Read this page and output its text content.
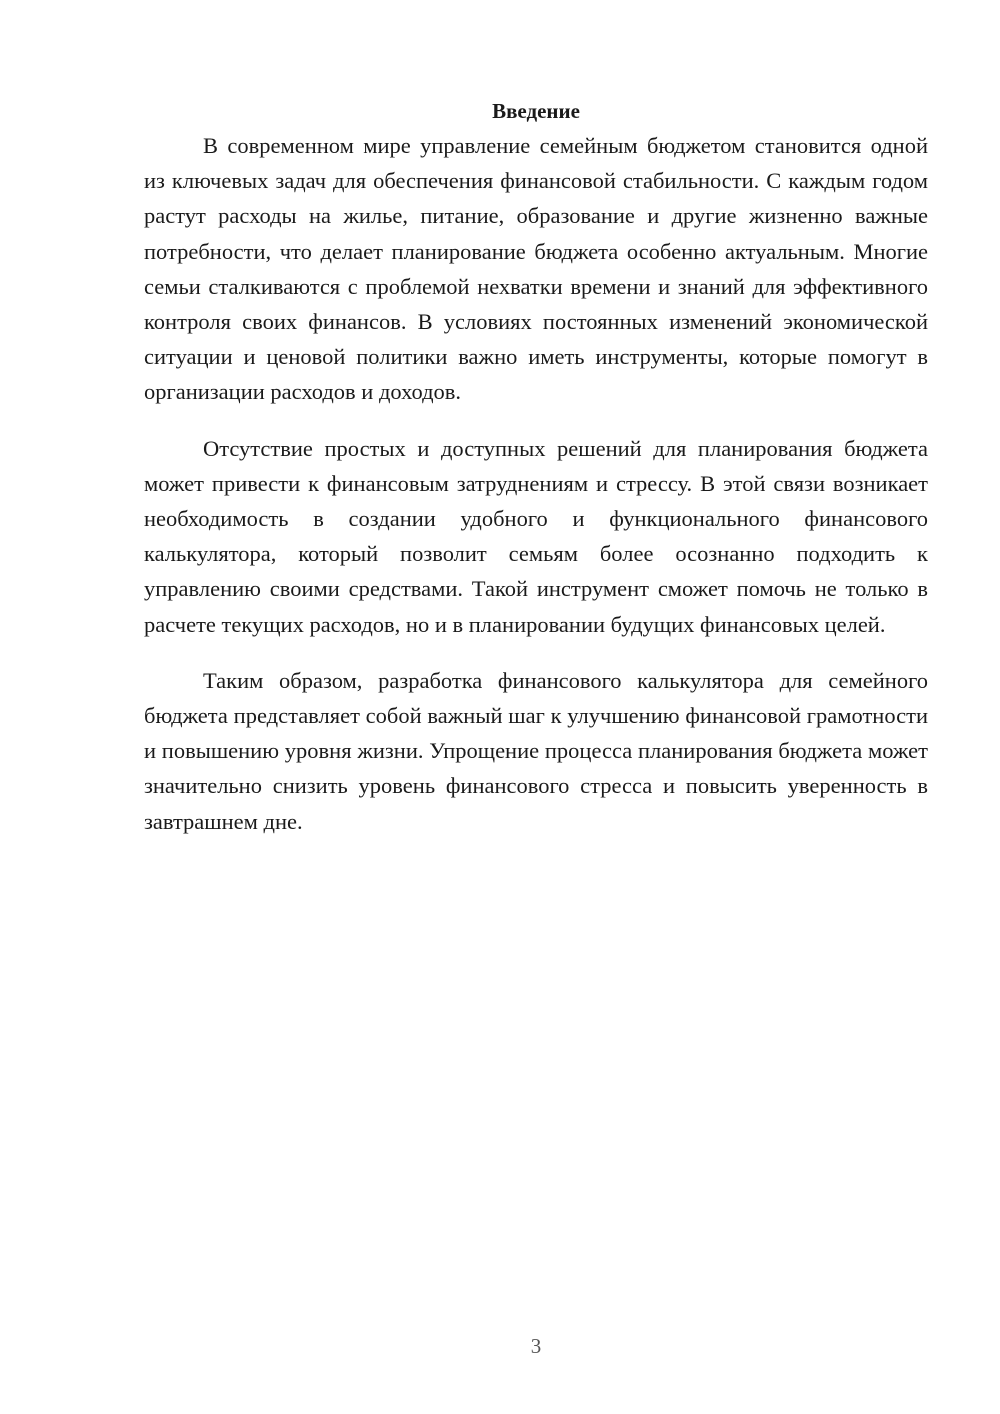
Введение

В современном мире управление семейным бюджетом становится одной из ключевых задач для обеспечения финансовой стабильности. С каждым годом растут расходы на жилье, питание, образование и другие жизненно важные потребности, что делает планирование бюджета особенно актуальным. Многие семьи сталкиваются с проблемой нехватки времени и знаний для эффективного контроля своих финансов. В условиях постоянных изменений экономической ситуации и ценовой политики важно иметь инструменты, которые помогут в организации расходов и доходов.

Отсутствие простых и доступных решений для планирования бюджета может привести к финансовым затруднениям и стрессу. В этой связи возникает необходимость в создании удобного и функционального финансового калькулятора, который позволит семьям более осознанно подходить к управлению своими средствами. Такой инструмент сможет помочь не только в расчете текущих расходов, но и в планировании будущих финансовых целей.

Таким образом, разработка финансового калькулятора для семейного бюджета представляет собой важный шаг к улучшению финансовой грамотности и повышению уровня жизни. Упрощение процесса планирования бюджета может значительно снизить уровень финансового стресса и повысить уверенность в завтрашнем дне.

3
